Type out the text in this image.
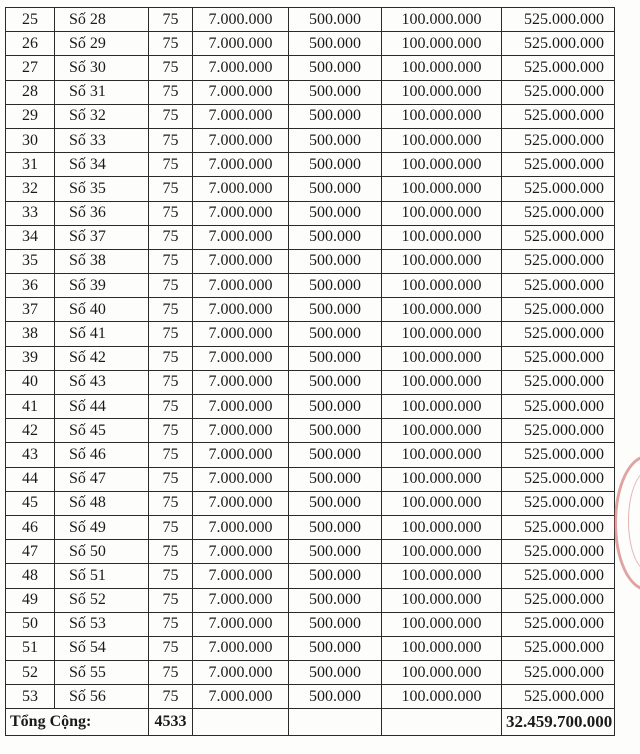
25	Số 28	75	7.000.000	500.000	100.000.000	525.000.000
26	Số 29	75	7.000.000	500.000	100.000.000	525.000.000
27	Số 30	75	7.000.000	500.000	100.000.000	525.000.000
28	Số 31	75	7.000.000	500.000	100.000.000	525.000.000
29	Số 32	75	7.000.000	500.000	100.000.000	525.000.000
30	Số 33	75	7.000.000	500.000	100.000.000	525.000.000
31	Số 34	75	7.000.000	500.000	100.000.000	525.000.000
32	Số 35	75	7.000.000	500.000	100.000.000	525.000.000
33	Số 36	75	7.000.000	500.000	100.000.000	525.000.000
34	Số 37	75	7.000.000	500.000	100.000.000	525.000.000
35	Số 38	75	7.000.000	500.000	100.000.000	525.000.000
36	Số 39	75	7.000.000	500.000	100.000.000	525.000.000
37	Số 40	75	7.000.000	500.000	100.000.000	525.000.000
38	Số 41	75	7.000.000	500.000	100.000.000	525.000.000
39	Số 42	75	7.000.000	500.000	100.000.000	525.000.000
40	Số 43	75	7.000.000	500.000	100.000.000	525.000.000
41	Số 44	75	7.000.000	500.000	100.000.000	525.000.000
42	Số 45	75	7.000.000	500.000	100.000.000	525.000.000
43	Số 46	75	7.000.000	500.000	100.000.000	525.000.000
44	Số 47	75	7.000.000	500.000	100.000.000	525.000.000
45	Số 48	75	7.000.000	500.000	100.000.000	525.000.000
46	Số 49	75	7.000.000	500.000	100.000.000	525.000.000
47	Số 50	75	7.000.000	500.000	100.000.000	525.000.000
48	Số 51	75	7.000.000	500.000	100.000.000	525.000.000
49	Số 52	75	7.000.000	500.000	100.000.000	525.000.000
50	Số 53	75	7.000.000	500.000	100.000.000	525.000.000
51	Số 54	75	7.000.000	500.000	100.000.000	525.000.000
52	Số 55	75	7.000.000	500.000	100.000.000	525.000.000
53	Số 56	75	7.000.000	500.000	100.000.000	525.000.000
Tổng Cộng:		4533				32.459.700.000
